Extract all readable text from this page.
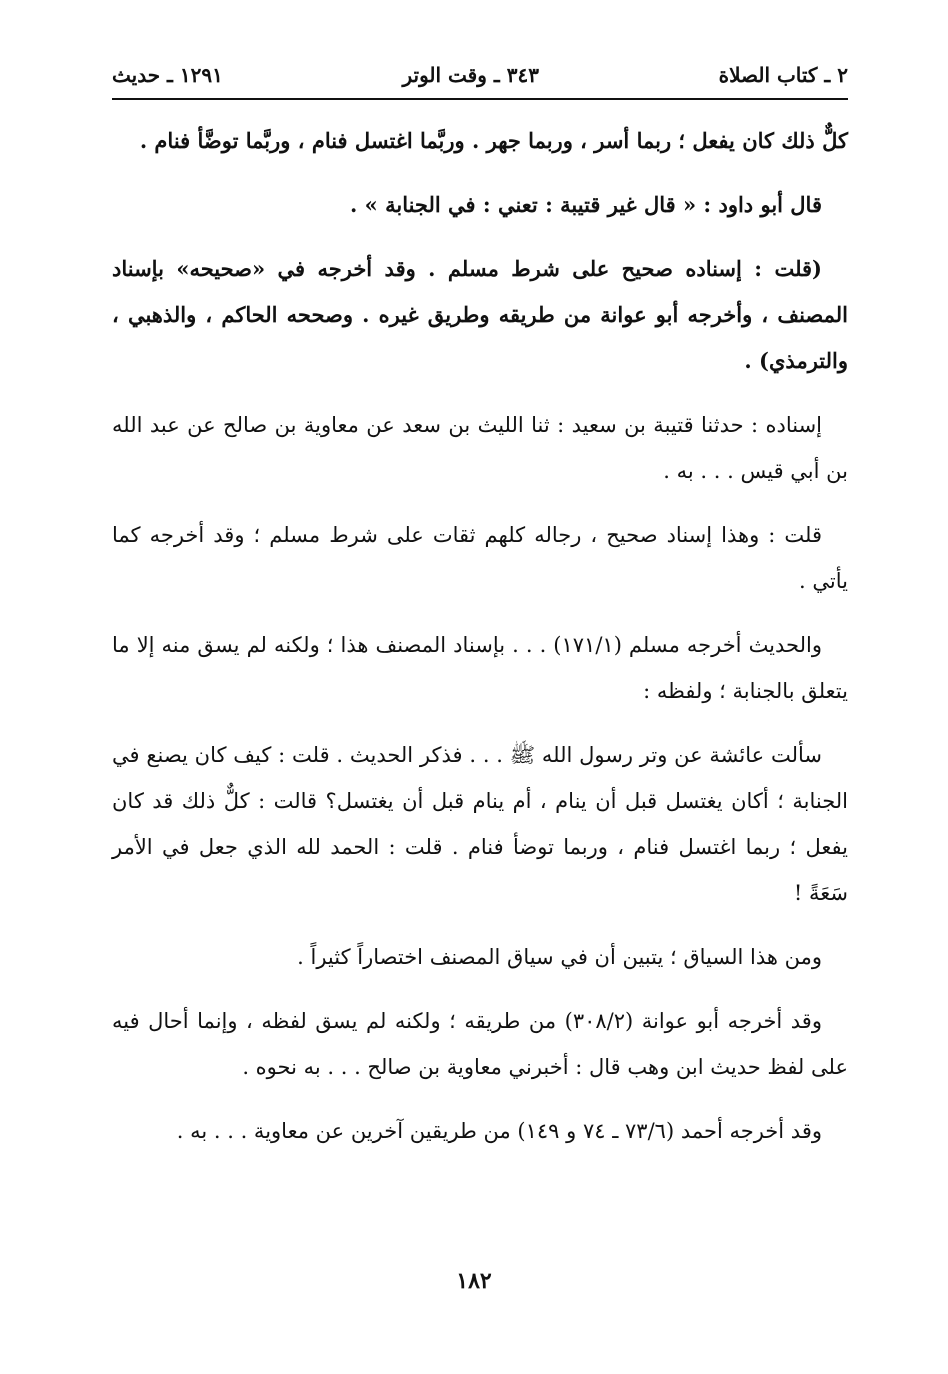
٢ ـ كتاب الصلاة
٣٤٣ ـ وقت الوتر
١٢٩١ ـ حديث

كلٌّ ذلك كان يفعل ؛ ربما أسر ، وربما جهر . وربَّما اغتسل فنام ، وربَّما توضَّأ فنام .

قال أبو داود : « قال غير قتيبة : تعني : في الجنابة » .

(قلت : إسناده صحيح على شرط مسلم . وقد أخرجه في «صحيحه» بإسناد المصنف ، وأخرجه أبو عوانة من طريقه وطريق غيره . وصححه الحاكم ، والذهبي ، والترمذي) .

إسناده : حدثنا قتيبة بن سعيد : ثنا الليث بن سعد عن معاوية بن صالح عن عبد الله بن أبي قيس . . . به .

قلت : وهذا إسناد صحيح ، رجاله كلهم ثقات على شرط مسلم ؛ وقد أخرجه كما يأتي .

والحديث أخرجه مسلم (١٧١/١) . . . بإسناد المصنف هذا ؛ ولكنه لم يسق منه إلا ما يتعلق بالجنابة ؛ ولفظه :

سألت عائشة عن وتر رسول الله ﷺ . . . فذكر الحديث . قلت : كيف كان يصنع في الجنابة ؛ أكان يغتسل قبل أن ينام ، أم ينام قبل أن يغتسل؟ قالت : كلٌّ ذلك قد كان يفعل ؛ ربما اغتسل فنام ، وربما توضأ فنام . قلت : الحمد لله الذي جعل في الأمر سَعَةً !

ومن هذا السياق ؛ يتبين أن في سياق المصنف اختصاراً كثيراً .

وقد أخرجه أبو عوانة (٣٠٨/٢) من طريقه ؛ ولكنه لم يسق لفظه ، وإنما أحال فيه على لفظ حديث ابن وهب قال : أخبرني معاوية بن صالح . . . به نحوه .

وقد أخرجه أحمد (٧٣/٦ ـ ٧٤ و ١٤٩) من طريقين آخرين عن معاوية . . . به .

١٨٢
